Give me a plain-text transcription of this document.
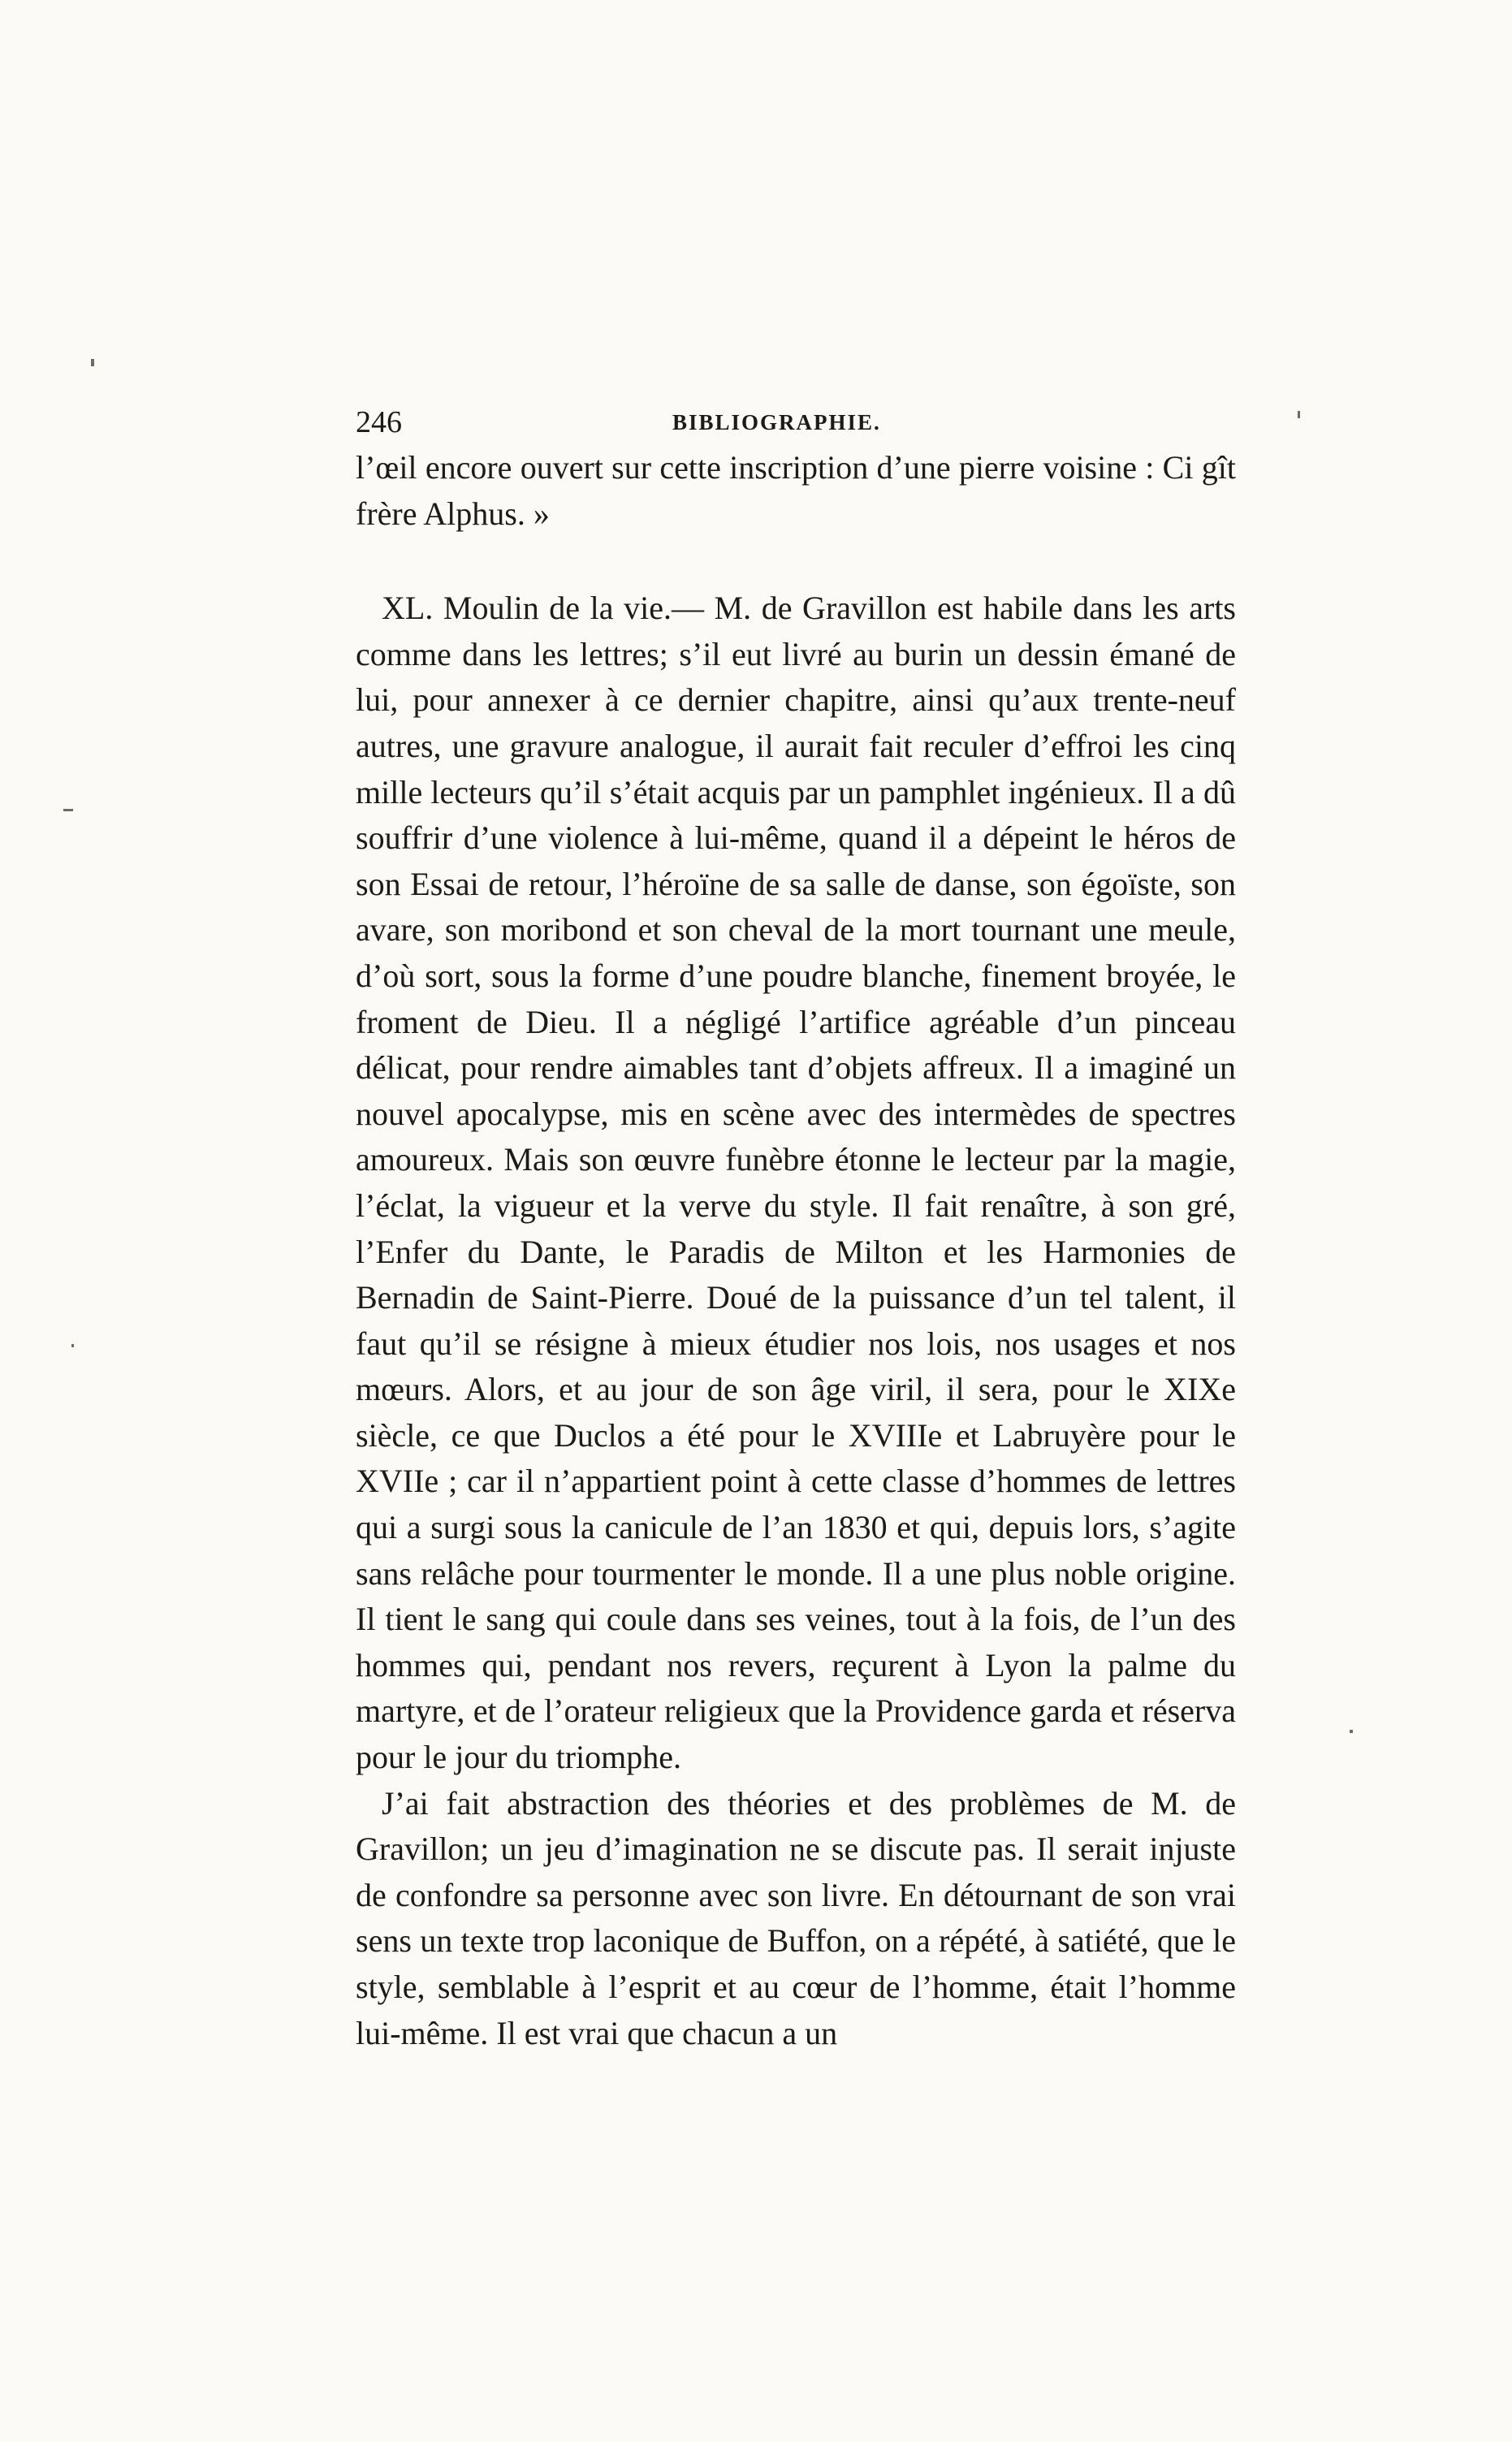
246	BIBLIOGRAPHIE.

l’œil encore ouvert sur cette inscription d’une pierre voisine : Ci gît frère Alphus. »

XL. Moulin de la vie.— M. de Gravillon est habile dans les arts comme dans les lettres; s’il eut livré au burin un dessin émané de lui, pour annexer à ce dernier chapitre, ainsi qu’aux trente-neuf autres, une gravure analogue, il aurait fait reculer d’effroi les cinq mille lecteurs qu’il s’était acquis par un pamphlet ingénieux. Il a dû souffrir d’une violence à lui-même, quand il a dépeint le héros de son Essai de retour, l’héroïne de sa salle de danse, son égoïste, son avare, son moribond et son cheval de la mort tournant une meule, d’où sort, sous la forme d’une poudre blanche, finement broyée, le froment de Dieu. Il a négligé l’artifice agréable d’un pinceau délicat, pour rendre aimables tant d’objets affreux. Il a imaginé un nouvel apocalypse, mis en scène avec des intermèdes de spectres amoureux. Mais son œuvre funèbre étonne le lecteur par la magie, l’éclat, la vigueur et la verve du style. Il fait renaître, à son gré, l’Enfer du Dante, le Paradis de Milton et les Harmonies de Bernadin de Saint-Pierre. Doué de la puissance d’un tel talent, il faut qu’il se résigne à mieux étudier nos lois, nos usages et nos mœurs. Alors, et au jour de son âge viril, il sera, pour le XIXe siècle, ce que Duclos a été pour le XVIIIe et Labruyère pour le XVIIe ; car il n’appartient point à cette classe d’hommes de lettres qui a surgi sous la canicule de l’an 1830 et qui, depuis lors, s’agite sans relâche pour tourmenter le monde. Il a une plus noble origine. Il tient le sang qui coule dans ses veines, tout à la fois, de l’un des hommes qui, pendant nos revers, reçurent à Lyon la palme du martyre, et de l’orateur religieux que la Providence garda et réserva pour le jour du triomphe.

J’ai fait abstraction des théories et des problèmes de M. de Gravillon; un jeu d’imagination ne se discute pas. Il serait injuste de confondre sa personne avec son livre. En détournant de son vrai sens un texte trop laconique de Buffon, on a répété, à satiété, que le style, semblable à l’esprit et au cœur de l’homme, était l’homme lui-même. Il est vrai que chacun a un
